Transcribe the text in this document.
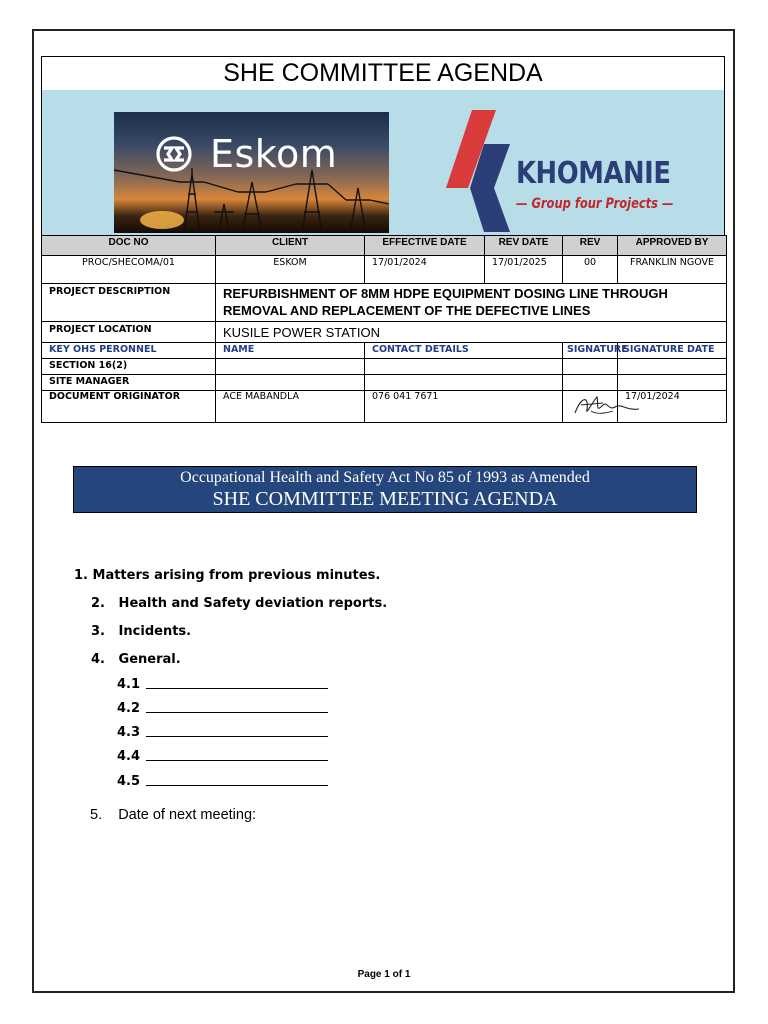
SHE COMMITTEE AGENDA
Eskom	KHOMANIE
— Group four Projects —
DOC NO	CLIENT	EFFECTIVE DATE	REV DATE	REV	APPROVED BY
PROC/SHECOMA/01	ESKOM	17/01/2024	17/01/2025	00	FRANKLIN NGOVE
PROJECT DESCRIPTION	REFURBISHMENT OF 8MM HDPE EQUIPMENT DOSING LINE THROUGH REMOVAL AND REPLACEMENT OF THE DEFECTIVE LINES				
PROJECT LOCATION	KUSILE POWER STATION				
KEY OHS PERONNEL	NAME	CONTACT DETAILS		SIGNATURE	SIGNATURE DATE
SECTION 16(2)					
SITE MANAGER					
DOCUMENT ORIGINATOR	ACE MABANDLA	076 041 7671			17/01/2024
Occupational Health and Safety Act No 85 of 1993 as Amended
SHE COMMITTEE MEETING AGENDA
1. Matters arising from previous minutes.
2.   Health and Safety deviation reports.
3.   Incidents.
4.   General.
4.1
4.2
4.3
4.4
4.5
5.    Date of next meeting:
Page 1 of 1
